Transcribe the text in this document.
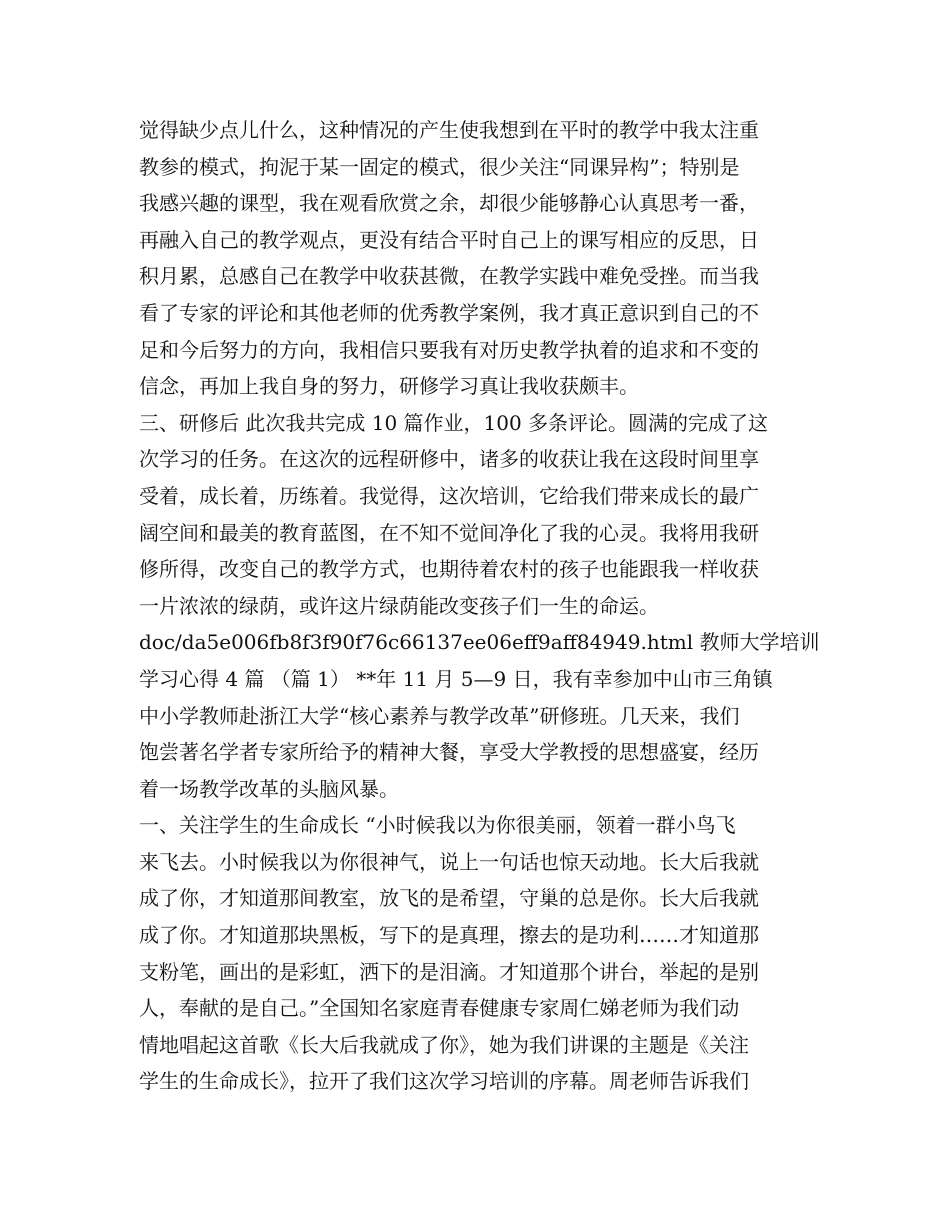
觉得缺少点儿什么，这种情况的产生使我想到在平时的教学中我太注重
教参的模式，拘泥于某一固定的模式，很少关注“同课异构”；特别是
我感兴趣的课型，我在观看欣赏之余，却很少能够静心认真思考一番，
再融入自己的教学观点，更没有结合平时自己上的课写相应的反思，日
积月累，总感自己在教学中收获甚微，在教学实践中难免受挫。而当我
看了专家的评论和其他老师的优秀教学案例，我才真正意识到自己的不
足和今后努力的方向，我相信只要我有对历史教学执着的追求和不变的
信念，再加上我自身的努力，研修学习真让我收获颇丰。
三、研修后 此次我共完成 10 篇作业，100 多条评论。圆满的完成了这
次学习的任务。在这次的远程研修中，诸多的收获让我在这段时间里享
受着，成长着，历练着。我觉得，这次培训，它给我们带来成长的最广
阔空间和最美的教育蓝图，在不知不觉间净化了我的心灵。我将用我研
修所得，改变自己的教学方式，也期待着农村的孩子也能跟我一样收获
一片浓浓的绿荫，或许这片绿荫能改变孩子们一生的命运。
doc/da5e006fb8f3f90f76c66137ee06eff9aff84949.html 教师大学培训
学习心得 4 篇 （篇 1） **年 11 月 5—9 日，我有幸参加中山市三角镇
中小学教师赴浙江大学“核心素养与教学改革”研修班。几天来，我们
饱尝著名学者专家所给予的精神大餐，享受大学教授的思想盛宴，经历
着一场教学改革的头脑风暴。
一、关注学生的生命成长 “小时候我以为你很美丽，领着一群小鸟飞
来飞去。小时候我以为你很神气，说上一句话也惊天动地。长大后我就
成了你，才知道那间教室，放飞的是希望，守巢的总是你。长大后我就
成了你。才知道那块黑板，写下的是真理，擦去的是功利……才知道那
支粉笔，画出的是彩虹，洒下的是泪滴。才知道那个讲台，举起的是别
人，奉献的是自己。”全国知名家庭青春健康专家周仁娣老师为我们动
情地唱起这首歌《长大后我就成了你》，她为我们讲课的主题是《关注
学生的生命成长》，拉开了我们这次学习培训的序幕。周老师告诉我们
